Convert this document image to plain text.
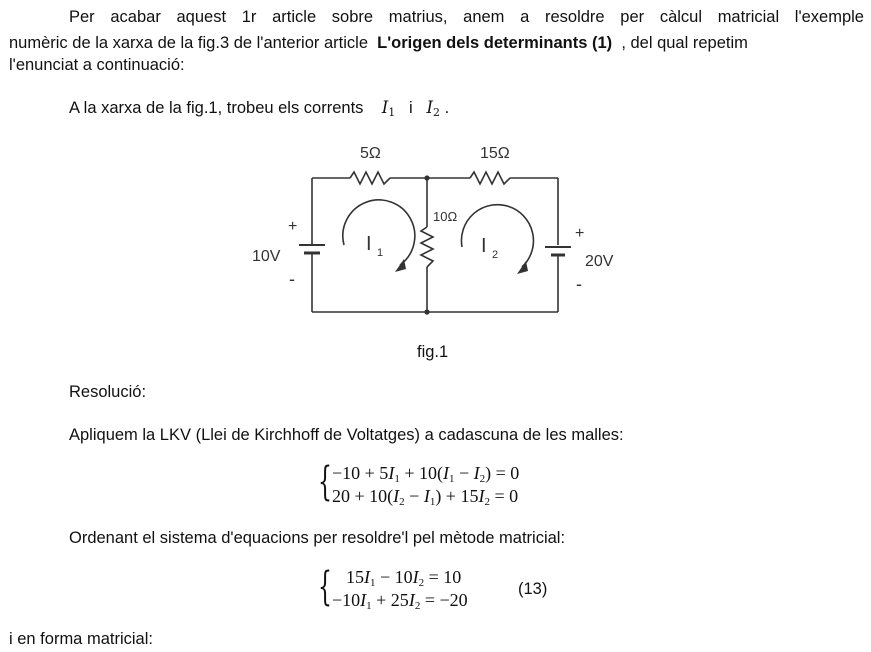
Per acabar aquest 1r article sobre matrius, anem a resoldre per càlcul matricial l'exemple
numèric de la xarxa de la fig.3 de l'anterior article L'origen dels determinants (1) , del qual repetim
l'enunciat a continuació:
A la xarxa de la fig.1, trobeu els corrents $I_1$ i $I_2$ .
5Ω	15Ω
10Ω
10V	20V
+
-
+
-
I 1	I 2
fig.1
Resolució:
Apliquem la LKV (Llei de Kirchhoff de Voltatges) a cadascuna de les malles:
{ $-10 + 5I_1 + 10(I_1 - I_2) = 0$
$20 + 10(I_2 - I_1) + 15I_2 = 0$
Ordenant el sistema d'equacions per resoldre'l pel mètode matricial:
{ $15I_1 - 10I_2 = 10$
$-10I_1 + 25I_2 = -20$
(13)
i en forma matricial:
